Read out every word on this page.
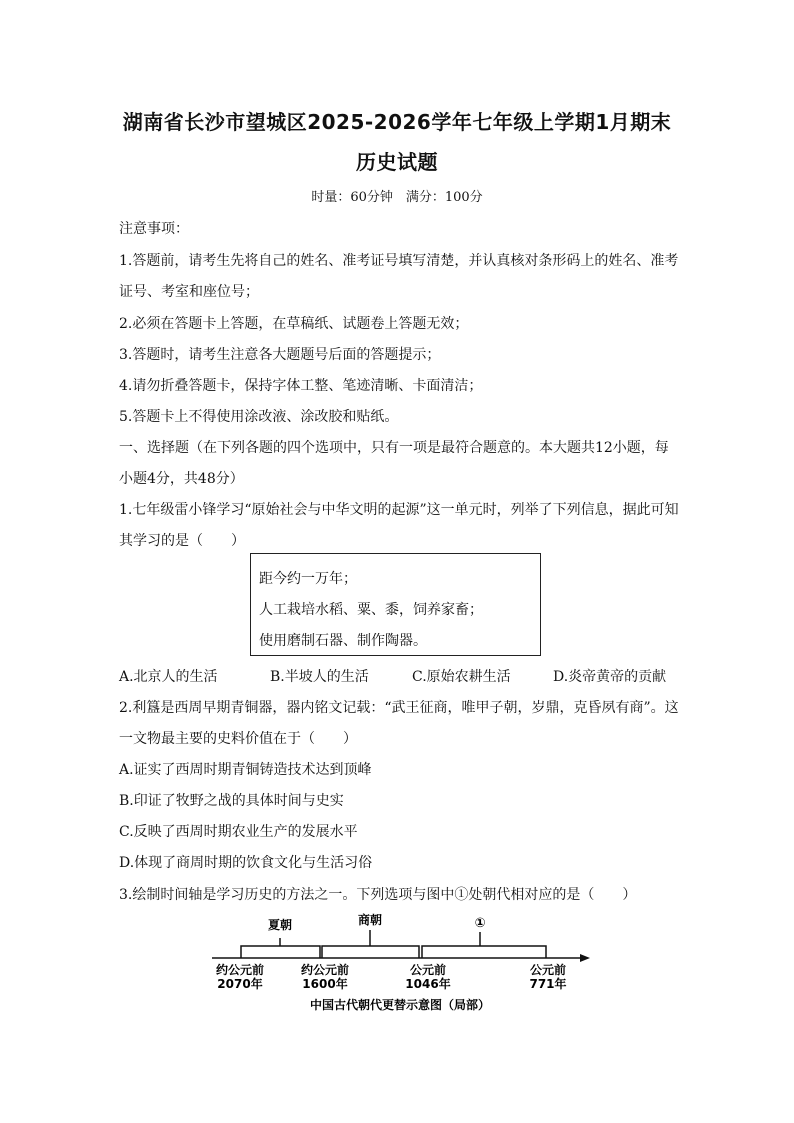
湖南省长沙市望城区2025-2026学年七年级上学期1月期末
历史试题
时量：60分钟　满分：100分
注意事项：
1.答题前，请考生先将自己的姓名、准考证号填写清楚，并认真核对条形码上的姓名、准考
证号、考室和座位号；
2.必须在答题卡上答题，在草稿纸、试题卷上答题无效；
3.答题时，请考生注意各大题题号后面的答题提示；
4.请勿折叠答题卡，保持字体工整、笔迹清晰、卡面清洁；
5.答题卡上不得使用涂改液、涂改胶和贴纸。
一、选择题（在下列各题的四个选项中，只有一项是最符合题意的。本大题共12小题，每
小题4分，共48分）
1.七年级雷小锋学习“原始社会与中华文明的起源”这一单元时，列举了下列信息，据此可知
其学习的是（　　）
距今约一万年；
人工栽培水稻、粟、黍，饲养家畜；
使用磨制石器、制作陶器。
A.北京人的生活	B.半坡人的生活	C.原始农耕生活	D.炎帝黄帝的贡献
2.利簋是西周早期青铜器，器内铭文记载：“武王征商，唯甲子朝，岁鼎，克昏夙有商”。这
一文物最主要的史料价值在于（　　）
A.证实了西周时期青铜铸造技术达到顶峰
B.印证了牧野之战的具体时间与史实
C.反映了西周时期农业生产的发展水平
D.体现了商周时期的饮食文化与生活习俗
3.绘制时间轴是学习历史的方法之一。下列选项与图中①处朝代相对应的是（　　）
夏朝	商朝	①
约公元前
2070年
约公元前
1600年
公元前
1046年
公元前
771年
中国古代朝代更替示意图（局部）
